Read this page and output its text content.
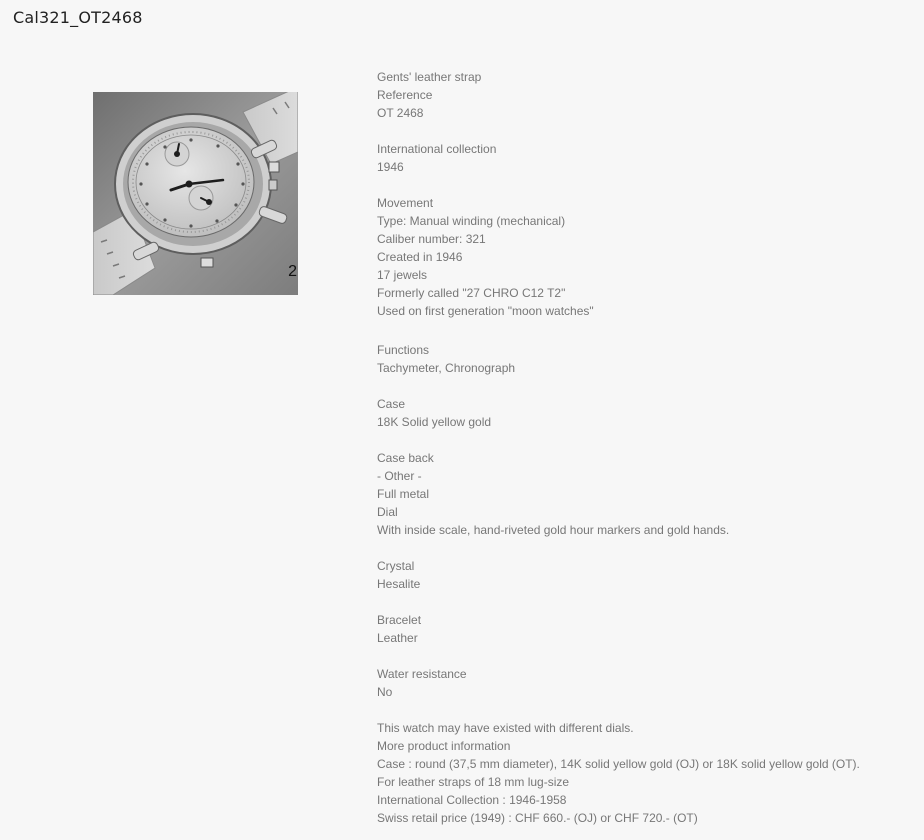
Cal321_OT2468
2
Gents' leather strap
Reference
OT 2468
International collection
1946
Movement
Type: Manual winding (mechanical)
Caliber number: 321
Created in 1946
17 jewels
Formerly called "27 CHRO C12 T2"
Used on first generation "moon watches"
Functions
Tachymeter, Chronograph
Case
18K Solid yellow gold
Case back
- Other -
Full metal
Dial
With inside scale, hand-riveted gold hour markers and gold hands.
Crystal
Hesalite
Bracelet
Leather
Water resistance
No
This watch may have existed with different dials.
More product information
Case : round (37,5 mm diameter), 14K solid yellow gold (OJ) or 18K solid yellow gold (OT).
For leather straps of 18 mm lug-size
International Collection : 1946-1958
Swiss retail price (1949) : CHF 660.- (OJ) or CHF 720.- (OT)
